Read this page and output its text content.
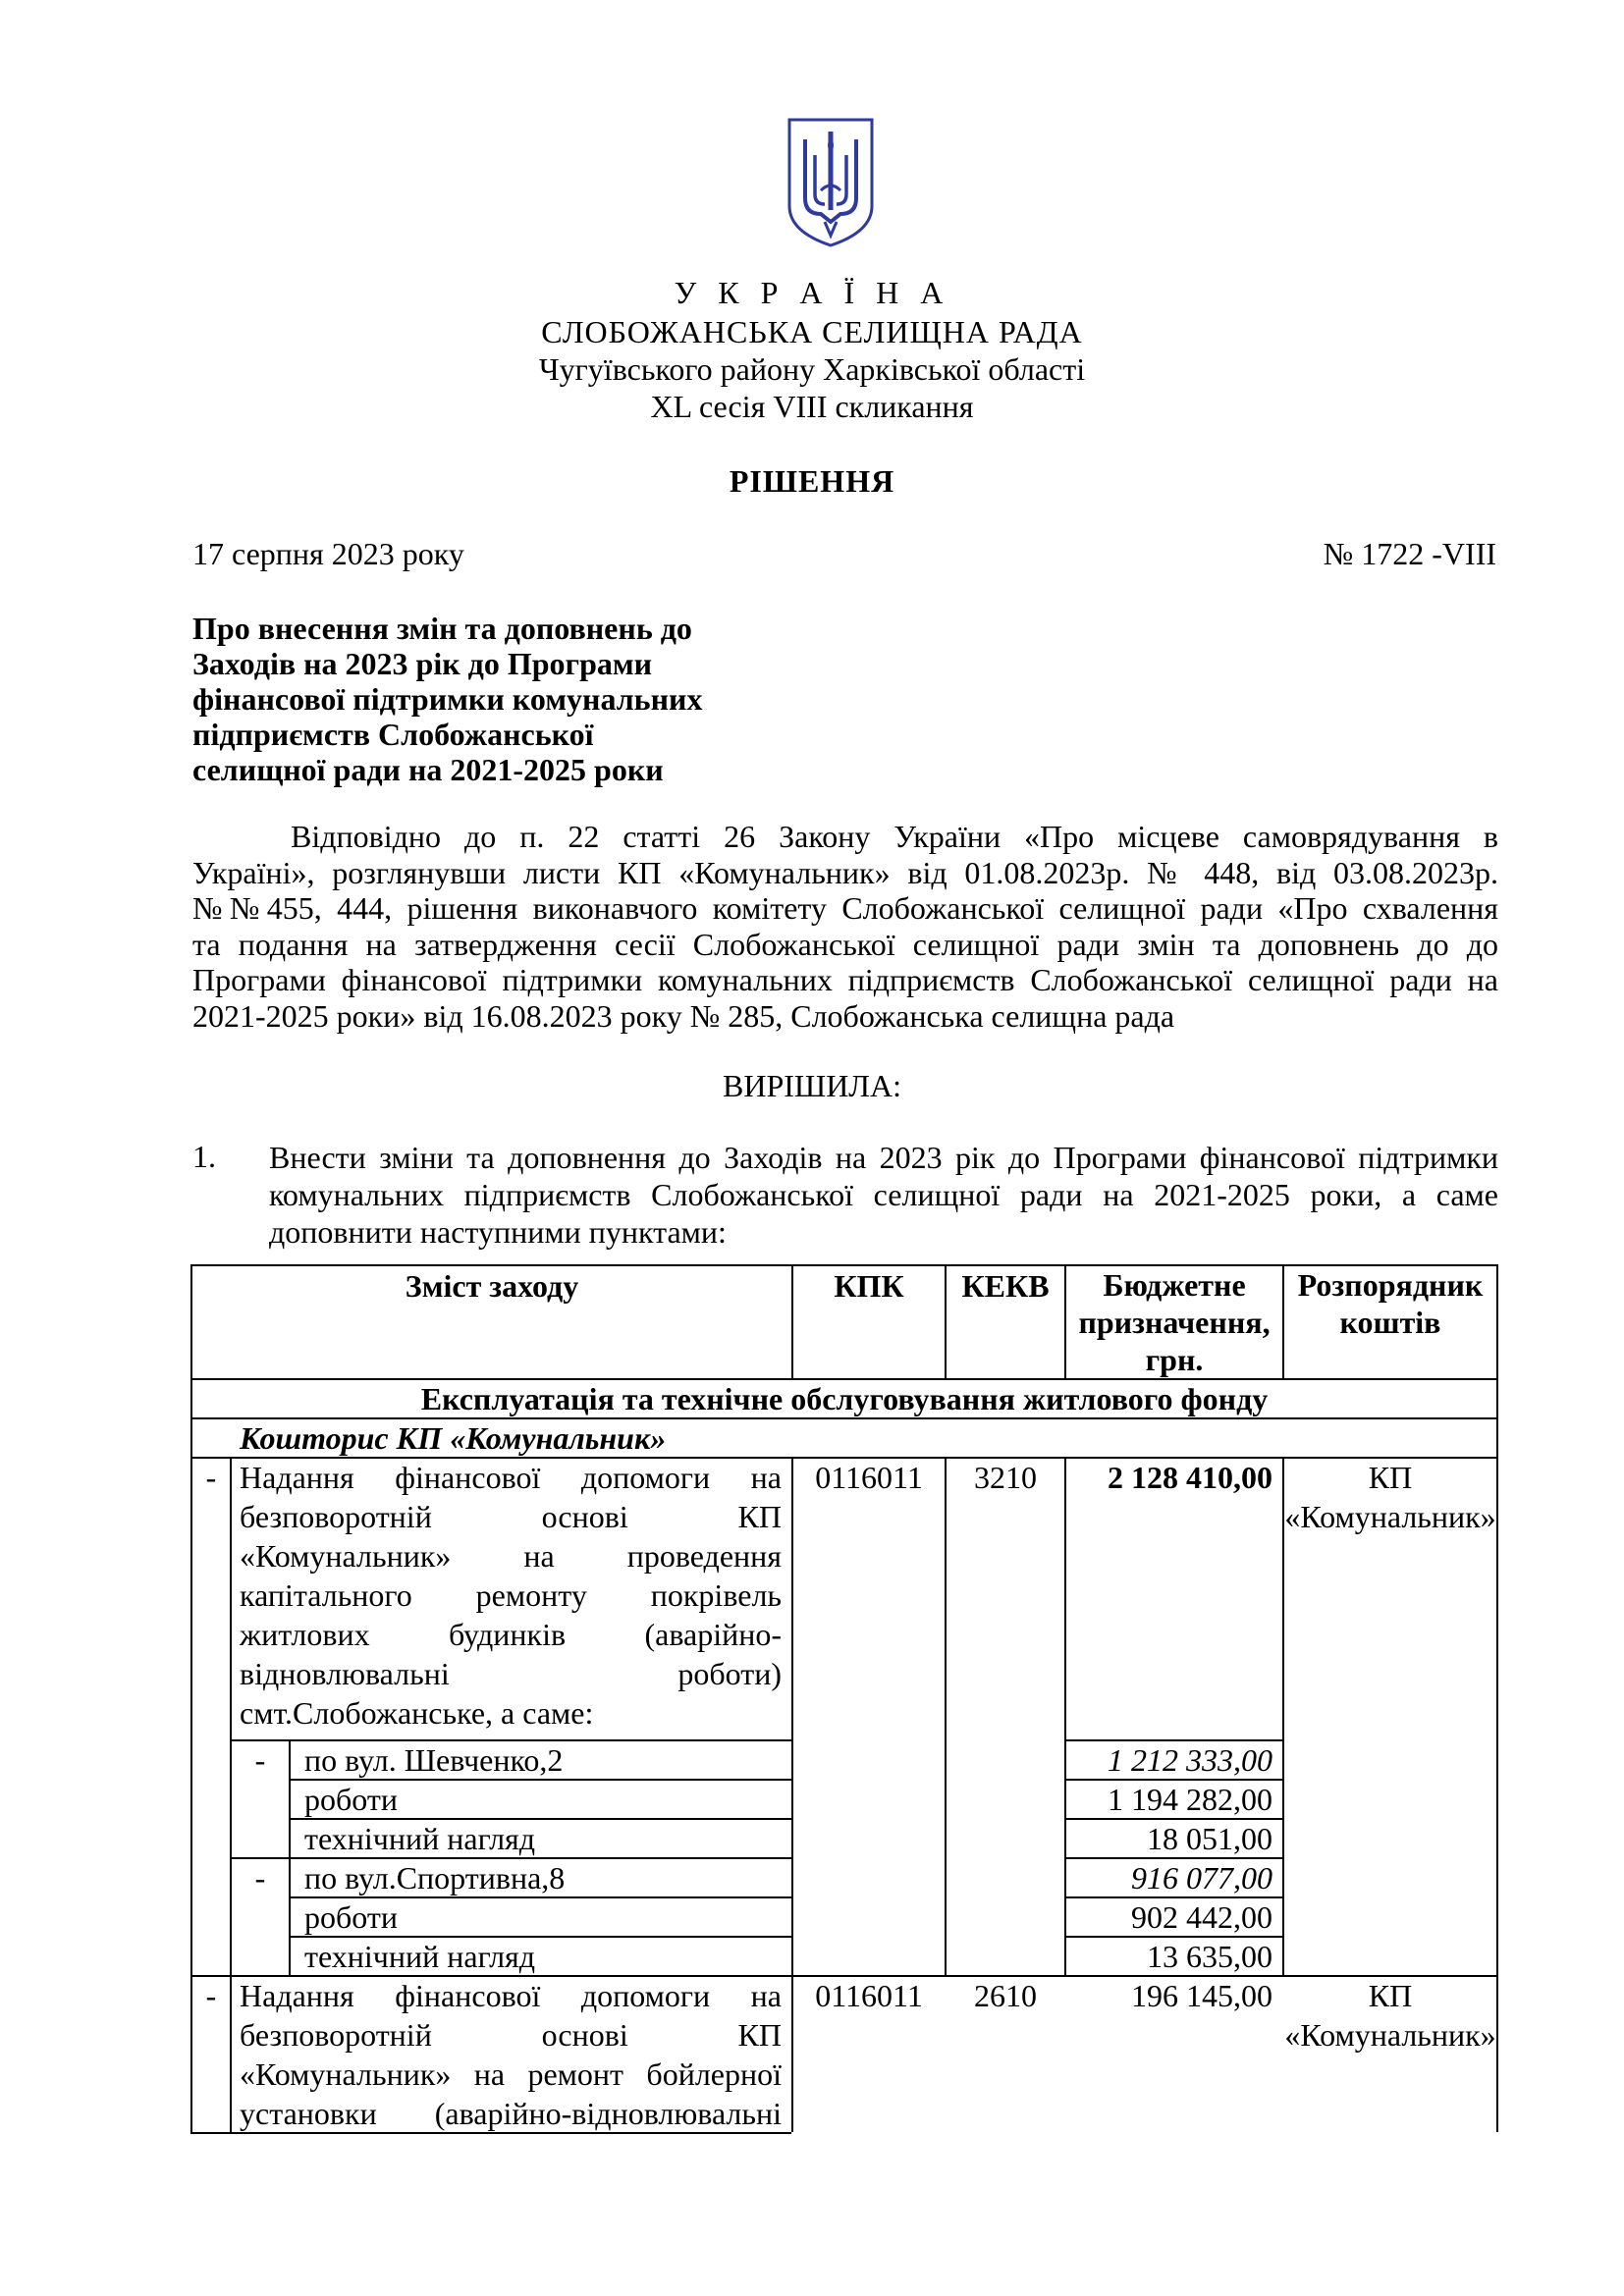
У К Р А Ї Н А
СЛОБОЖАНСЬКА СЕЛИЩНА РАДА
Чугуївського району Харківської області
XL сесія VIII скликання
РІШЕННЯ
17 серпня 2023 року	№ 1722 -VIII
Про внесення змін та доповнень до
Заходів на 2023 рік до Програми
фінансової підтримки комунальних
підприємств Слобожанської
селищної ради на 2021-2025 роки
Відповідно до п. 22 статті 26 Закону України «Про місцеве самоврядування в
Україні», розглянувши листи КП «Комунальник» від 01.08.2023р. № 448, від 03.08.2023р.
№№455, 444, рішення виконавчого комітету Слобожанської селищної ради «Про схвалення
та подання на затвердження сесії Слобожанської селищної ради змін та доповнень до до
Програми фінансової підтримки комунальних підприємств Слобожанської селищної ради на
2021-2025 роки» від 16.08.2023 року № 285, Слобожанська селищна рада
ВИРІШИЛА:
1. Внести зміни та доповнення до Заходів на 2023 рік до Програми фінансової підтримки
комунальних підприємств Слобожанської селищної ради на 2021-2025 роки, а саме
доповнити наступними пунктами:
Зміст заходу	КПК	КЕКВ	Бюджетне
призначення,
грн.
Розпорядник
коштів
Експлуатація та технічне обслуговування житлового фонду
Кошторис КП «Комунальник»
- Надання фінансової допомоги на
безповоротній основі КП
«Комунальник» на проведення
капітального ремонту покрівель
житлових будинків (аварійно-
відновлювальні роботи)
смт.Слобожанське, а саме:
0116011	3210	2 128 410,00	КП
«Комунальник»
-	по вул. Шевченко,2	1 212 333,00
роботи	1 194 282,00
технічний нагляд	18 051,00
-	по вул.Спортивна,8	916 077,00
роботи	902 442,00
технічний нагляд	13 635,00
- Надання фінансової допомоги на
безповоротній основі КП
«Комунальник» на ремонт бойлерної
установки (аварійно-відновлювальні
0116011	2610	196 145,00	КП
«Комунальник»
